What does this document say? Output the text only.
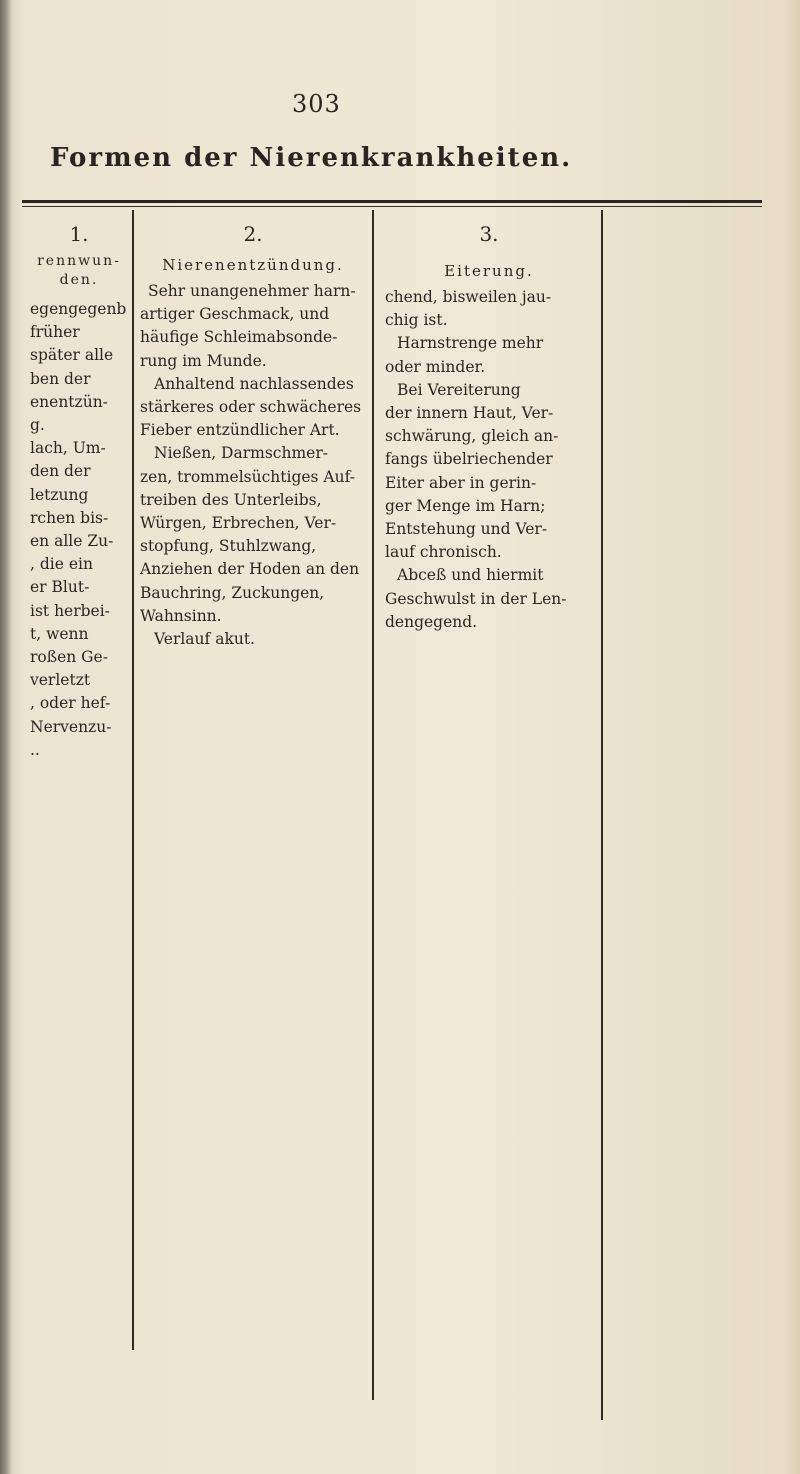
303
Formen der Nierenkrankheiten.
1.
rennwun-
den.
egengegenb
früher
später alle
ben der
enentzün-
g.
lach, Um-
den der
letzung
rchen bis-
en alle Zu-
, die ein
er Blut-
ist herbei-
t, wenn
roßen Ge-
verletzt
, oder hef-
Nervenzu-
..
2.
Nierenentzündung.
Sehr unangenehmer harn-
artiger Geschmack, und
häufige Schleimabsonde-
rung im Munde.
Anhaltend nachlassendes
stärkeres oder schwächeres
Fieber entzündlicher Art.
Nießen, Darmschmer-
zen, trommelsüchtiges Auf-
treiben des Unterleibs,
Würgen, Erbrechen, Ver-
stopfung, Stuhlzwang,
Anziehen der Hoden an den
Bauchring, Zuckungen,
Wahnsinn.
Verlauf akut.
3.
Eiterung.
chend, bisweilen jau-
chig ist.
Harnstrenge mehr
oder minder.
Bei Vereiterung
der innern Haut, Ver-
schwärung, gleich an-
fangs übelriechender
Eiter aber in gerin-
ger Menge im Harn;
Entstehung und Ver-
lauf chronisch.
Abceß und hiermit
Geschwulst in der Len-
dengegend.
